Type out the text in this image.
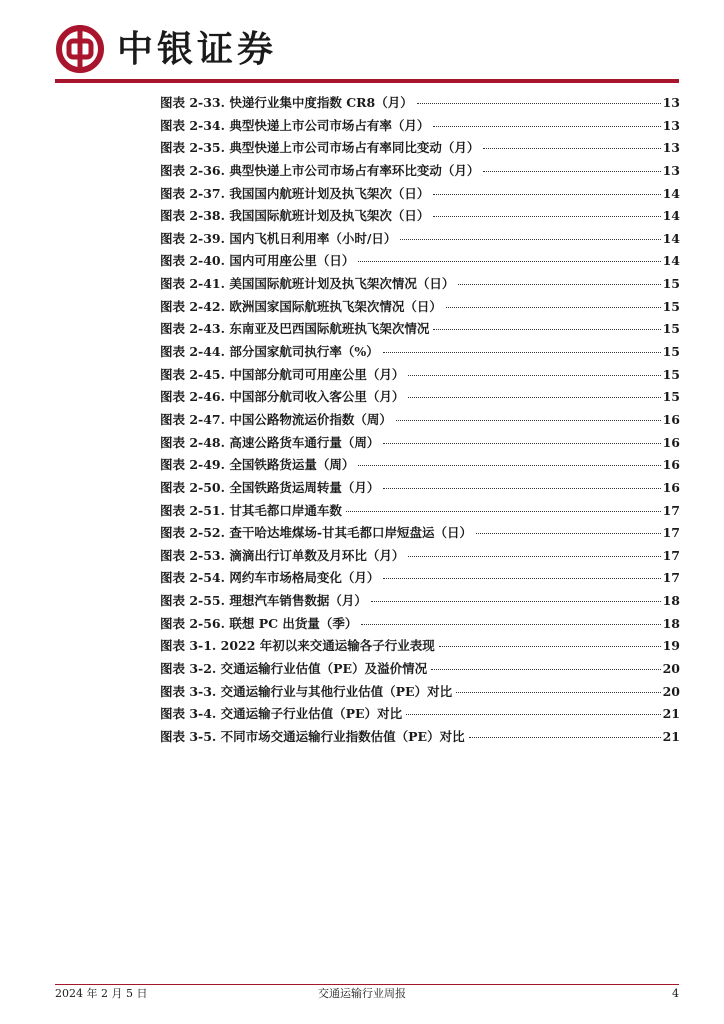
中银证券
图表 2-33. 快递行业集中度指数 CR8（月）	13
图表 2-34. 典型快递上市公司市场占有率（月）	13
图表 2-35. 典型快递上市公司市场占有率同比变动（月）	13
图表 2-36. 典型快递上市公司市场占有率环比变动（月）	13
图表 2-37. 我国国内航班计划及执飞架次（日）	14
图表 2-38. 我国国际航班计划及执飞架次（日）	14
图表 2-39. 国内飞机日利用率（小时/日）	14
图表 2-40. 国内可用座公里（日）	14
图表 2-41. 美国国际航班计划及执飞架次情况（日）	15
图表 2-42. 欧洲国家国际航班执飞架次情况（日）	15
图表 2-43. 东南亚及巴西国际航班执飞架次情况	15
图表 2-44. 部分国家航司执行率（%）	15
图表 2-45. 中国部分航司可用座公里（月）	15
图表 2-46. 中国部分航司收入客公里（月）	15
图表 2-47. 中国公路物流运价指数（周）	16
图表 2-48. 高速公路货车通行量（周）	16
图表 2-49. 全国铁路货运量（周）	16
图表 2-50. 全国铁路货运周转量（月）	16
图表 2-51. 甘其毛都口岸通车数	17
图表 2-52. 查干哈达堆煤场-甘其毛都口岸短盘运（日）	17
图表 2-53. 滴滴出行订单数及月环比（月）	17
图表 2-54. 网约车市场格局变化（月）	17
图表 2-55. 理想汽车销售数据（月）	18
图表 2-56. 联想 PC 出货量（季）	18
图表 3-1. 2022 年初以来交通运输各子行业表现	19
图表 3-2. 交通运输行业估值（PE）及溢价情况	20
图表 3-3. 交通运输行业与其他行业估值（PE）对比	20
图表 3-4. 交通运输子行业估值（PE）对比	21
图表 3-5. 不同市场交通运输行业指数估值（PE）对比	21
2024 年 2 月 5 日	交通运输行业周报	4
